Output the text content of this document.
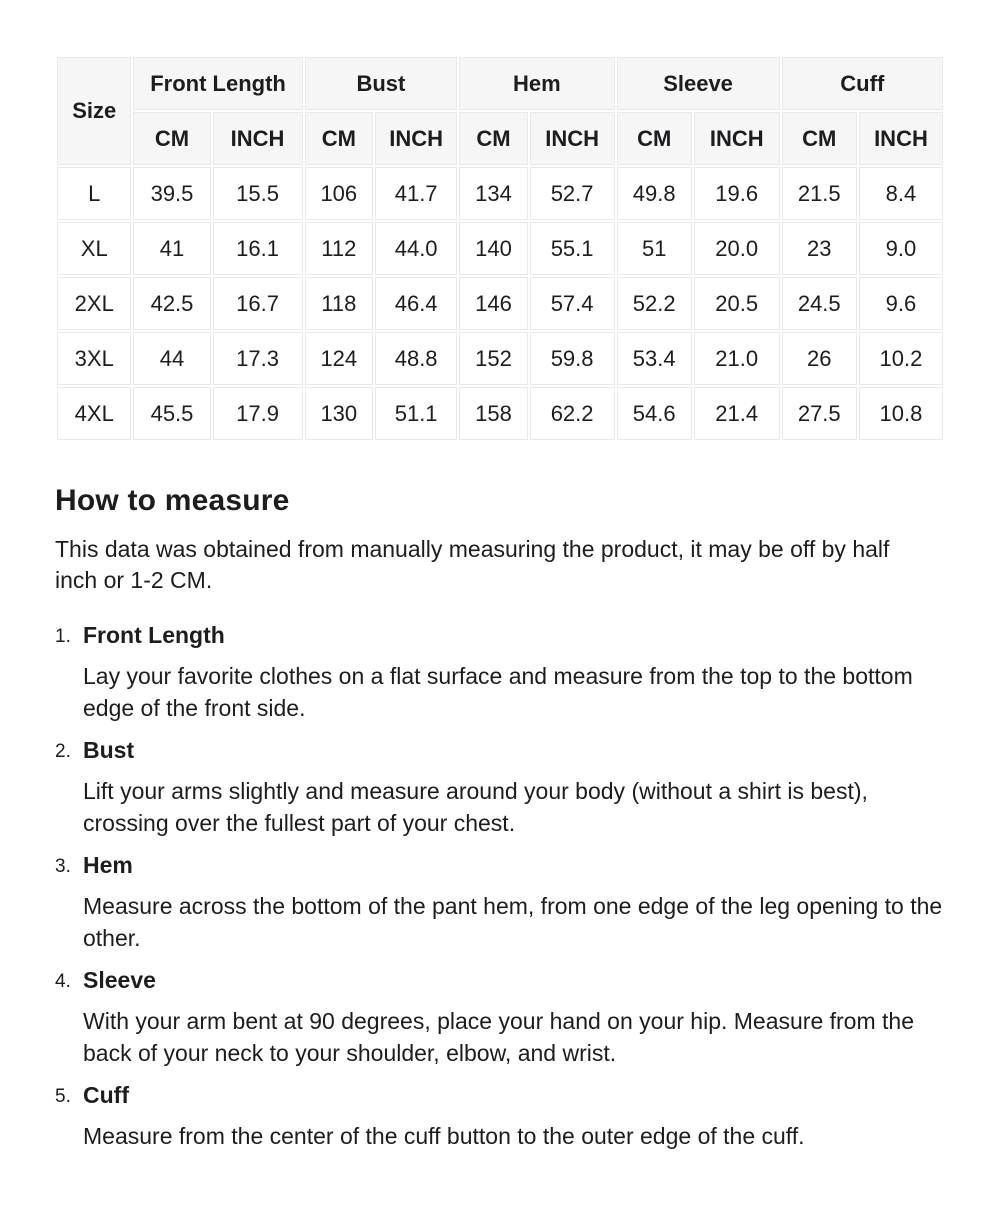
Size	Front Length		Bust		Hem		Sleeve		Cuff	
	CM	INCH	CM	INCH	CM	INCH	CM	INCH	CM	INCH
L	39.5	15.5	106	41.7	134	52.7	49.8	19.6	21.5	8.4
XL	41	16.1	112	44.0	140	55.1	51	20.0	23	9.0
2XL	42.5	16.7	118	46.4	146	57.4	52.2	20.5	24.5	9.6
3XL	44	17.3	124	48.8	152	59.8	53.4	21.0	26	10.2
4XL	45.5	17.9	130	51.1	158	62.2	54.6	21.4	27.5	10.8
How to measure

This data was obtained from manually measuring the product, it may be off by half inch or 1-2 CM.

1. Front Length
Lay your favorite clothes on a flat surface and measure from the top to the bottom edge of the front side.
2. Bust
Lift your arms slightly and measure around your body (without a shirt is best), crossing over the fullest part of your chest.
3. Hem
Measure across the bottom of the pant hem, from one edge of the leg opening to the other.
4. Sleeve
With your arm bent at 90 degrees, place your hand on your hip. Measure from the back of your neck to your shoulder, elbow, and wrist.
5. Cuff
Measure from the center of the cuff button to the outer edge of the cuff.
